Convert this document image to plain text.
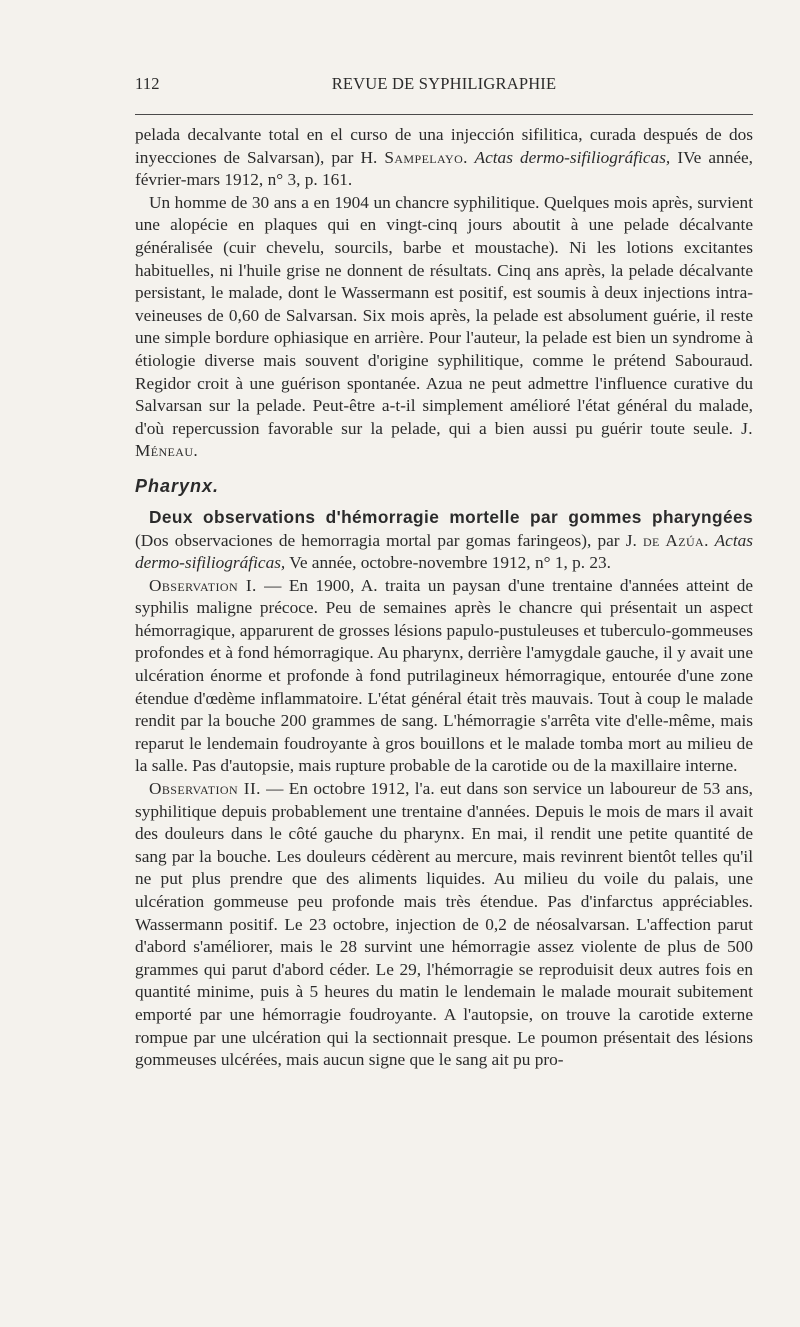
112	REVUE DE SYPHILIGRAPHIE

pelada decalvante total en el curso de una injección sifilitica, curada después de dos inyecciones de Salvarsan), par H. Sampelayo. Actas dermo-sifiliográficas, IVe année, février-mars 1912, n° 3, p. 161.

Un homme de 30 ans a en 1904 un chancre syphilitique. Quelques mois après, survient une alopécie en plaques qui en vingt-cinq jours aboutit à une pelade décalvante généralisée (cuir chevelu, sourcils, barbe et moustache). Ni les lotions excitantes habituelles, ni l'huile grise ne donnent de résultats. Cinq ans après, la pelade décalvante persistant, le malade, dont le Wassermann est positif, est soumis à deux injections intra-veineuses de 0,60 de Salvarsan. Six mois après, la pelade est absolument guérie, il reste une simple bordure ophiasique en arrière. Pour l'auteur, la pelade est bien un syndrome à étiologie diverse mais souvent d'origine syphilitique, comme le prétend Sabouraud. Regidor croit à une guérison spontanée. Azua ne peut admettre l'influence curative du Salvarsan sur la pelade. Peut-être a-t-il simplement amélioré l'état général du malade, d'où repercussion favorable sur la pelade, qui a bien aussi pu guérir toute seule. J. Méneau.

Pharynx.

Deux observations d'hémorragie mortelle par gommes pharyngées (Dos observaciones de hemorragia mortal par gomas faringeos), par J. de Azúa. Actas dermo-sifiliográficas, Ve année, octobre-novembre 1912, n° 1, p. 23.

Observation I. — En 1900, A. traita un paysan d'une trentaine d'années atteint de syphilis maligne précoce. Peu de semaines après le chancre qui présentait un aspect hémorragique, apparurent de grosses lésions papulo-pustuleuses et tuberculo-gommeuses profondes et à fond hémorragique. Au pharynx, derrière l'amygdale gauche, il y avait une ulcération énorme et profonde à fond putrilagineux hémorragique, entourée d'une zone étendue d'œdème inflammatoire. L'état général était très mauvais. Tout à coup le malade rendit par la bouche 200 grammes de sang. L'hémorragie s'arrêta vite d'elle-même, mais reparut le lendemain foudroyante à gros bouillons et le malade tomba mort au milieu de la salle. Pas d'autopsie, mais rupture probable de la carotide ou de la maxillaire interne.

Observation II. — En octobre 1912, l'a. eut dans son service un laboureur de 53 ans, syphilitique depuis probablement une trentaine d'années. Depuis le mois de mars il avait des douleurs dans le côté gauche du pharynx. En mai, il rendit une petite quantité de sang par la bouche. Les douleurs cédèrent au mercure, mais revinrent bientôt telles qu'il ne put plus prendre que des aliments liquides. Au milieu du voile du palais, une ulcération gommeuse peu profonde mais très étendue. Pas d'infarctus appréciables. Wassermann positif. Le 23 octobre, injection de 0,2 de néosalvarsan. L'affection parut d'abord s'améliorer, mais le 28 survint une hémorragie assez violente de plus de 500 grammes qui parut d'abord céder. Le 29, l'hémorragie se reproduisit deux autres fois en quantité minime, puis à 5 heures du matin le lendemain le malade mourait subitement emporté par une hémorragie foudroyante. A l'autopsie, on trouve la carotide externe rompue par une ulcération qui la sectionnait presque. Le poumon présentait des lésions gommeuses ulcérées, mais aucun signe que le sang ait pu pro-
